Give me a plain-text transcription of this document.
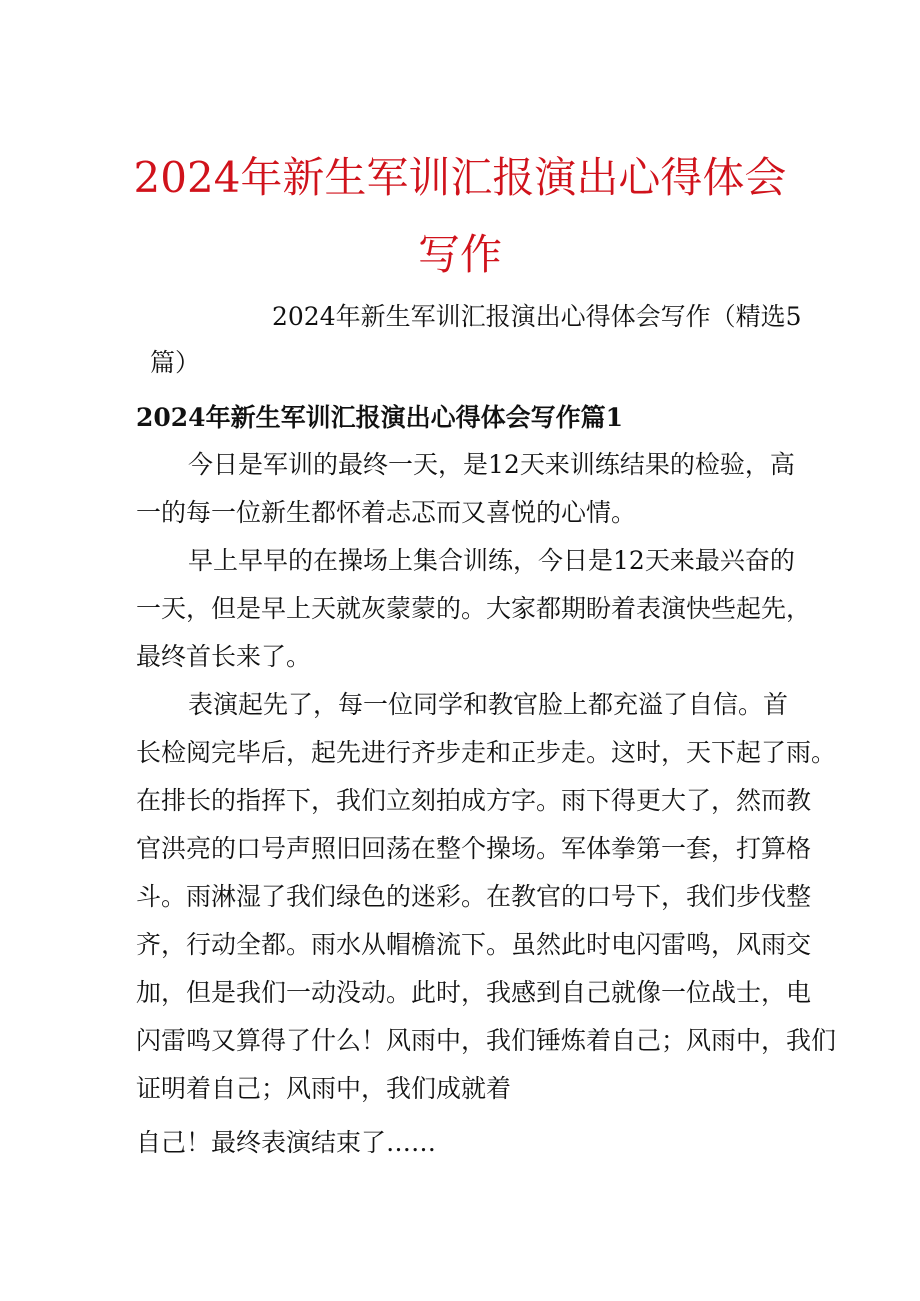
2024年新生军训汇报演出心得体会
写作

2024年新生军训汇报演出心得体会写作（精选5

篇）

2024年新生军训汇报演出心得体会写作篇1

今日是军训的最终一天，是12天来训练结果的检验，高

一的每一位新生都怀着忐忑而又喜悦的心情。

早上早早的在操场上集合训练，今日是12天来最兴奋的

一天，但是早上天就灰蒙蒙的。大家都期盼着表演快些起先，

最终首长来了。

表演起先了，每一位同学和教官脸上都充溢了自信。首

长检阅完毕后，起先进行齐步走和正步走。这时，天下起了雨。

在排长的指挥下，我们立刻拍成方字。雨下得更大了，然而教

官洪亮的口号声照旧回荡在整个操场。军体拳第一套，打算格

斗。雨淋湿了我们绿色的迷彩。在教官的口号下，我们步伐整

齐，行动全都。雨水从帽檐流下。虽然此时电闪雷鸣，风雨交

加，但是我们一动没动。此时，我感到自己就像一位战士，电

闪雷鸣又算得了什么！风雨中，我们锤炼着自己；风雨中，我们

证明着自己；风雨中，我们成就着

自己！最终表演结束了……
